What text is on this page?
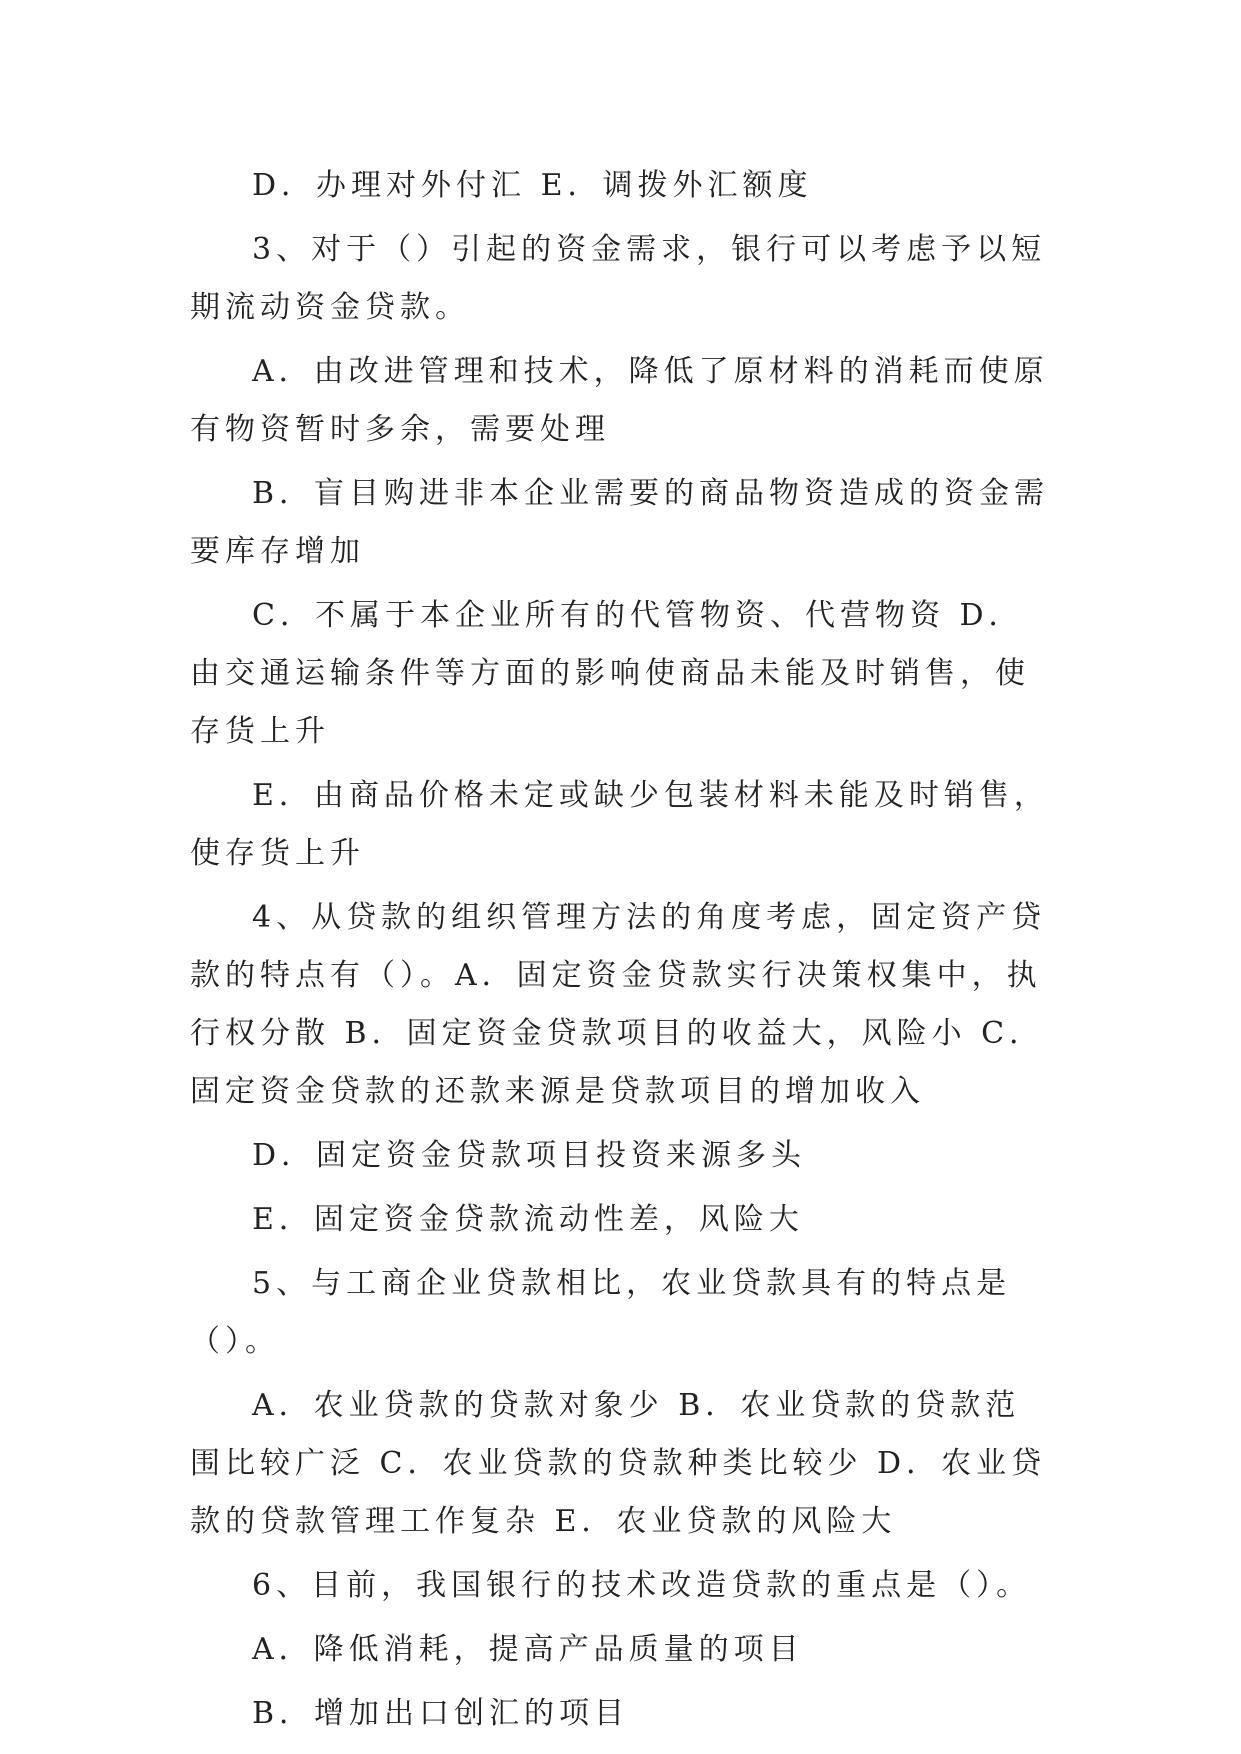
D．办理对外付汇 E．调拨外汇额度

3、对于（）引起的资金需求，银行可以考虑予以短期流动资金贷款。

A．由改进管理和技术，降低了原材料的消耗而使原有物资暂时多余，需要处理

B．盲目购进非本企业需要的商品物资造成的资金需要库存增加

C．不属于本企业所有的代管物资、代营物资 D．由交通运输条件等方面的影响使商品未能及时销售，使存货上升

E．由商品价格未定或缺少包装材料未能及时销售，使存货上升

4、从贷款的组织管理方法的角度考虑，固定资产贷款的特点有（）。A．固定资金贷款实行决策权集中，执行权分散 B．固定资金贷款项目的收益大，风险小 C．固定资金贷款的还款来源是贷款项目的增加收入

D．固定资金贷款项目投资来源多头

E．固定资金贷款流动性差，风险大

5、与工商企业贷款相比，农业贷款具有的特点是（）。

A．农业贷款的贷款对象少 B．农业贷款的贷款范围比较广泛 C．农业贷款的贷款种类比较少 D．农业贷款的贷款管理工作复杂 E．农业贷款的风险大

6、目前，我国银行的技术改造贷款的重点是（）。

A．降低消耗，提高产品质量的项目

B．增加出口创汇的项目
